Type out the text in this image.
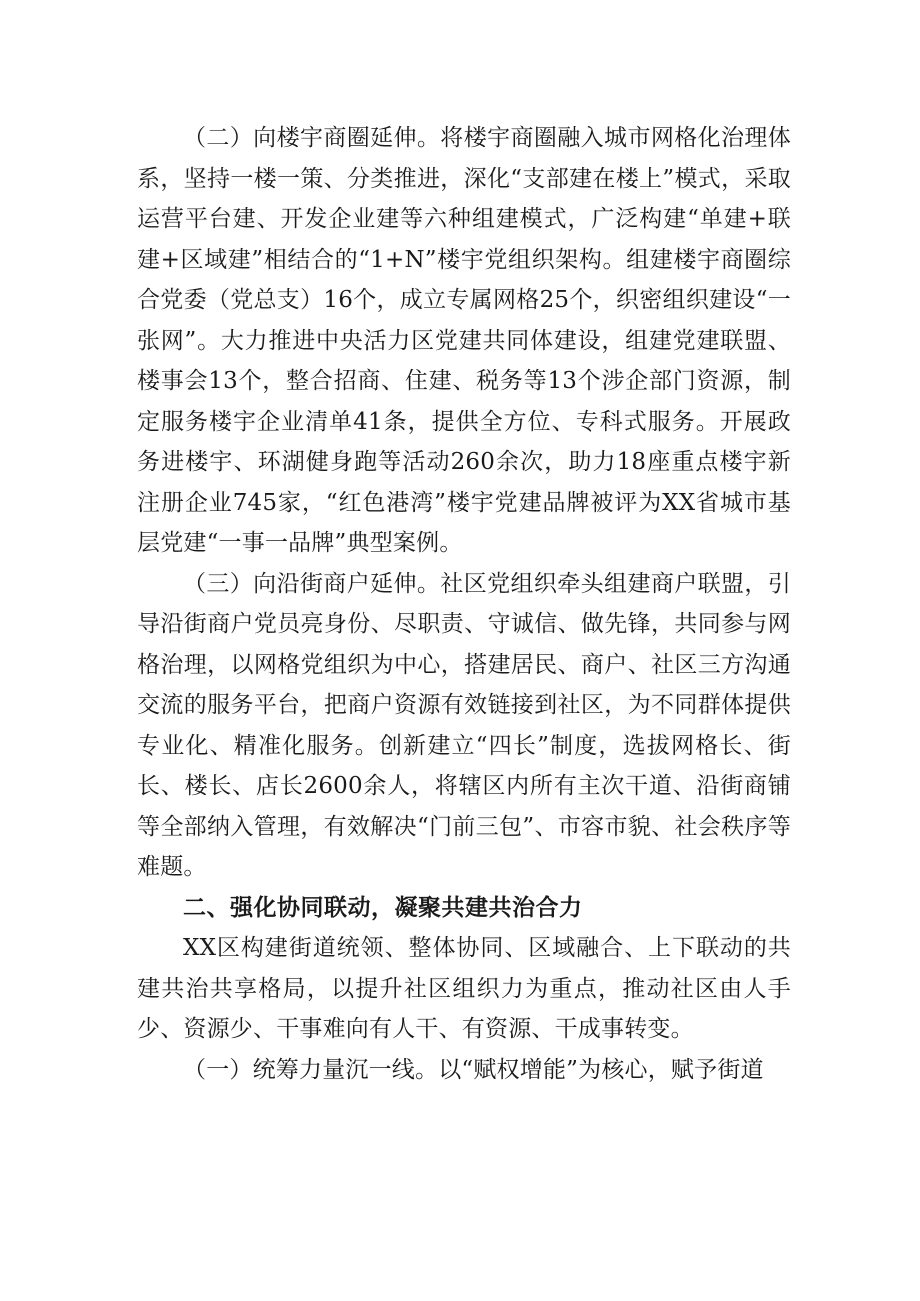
（二）向楼宇商圈延伸。将楼宇商圈融入城市网格化治理体系，坚持一楼一策、分类推进，深化“支部建在楼上”模式，采取运营平台建、开发企业建等六种组建模式，广泛构建“单建+联建+区域建”相结合的“1+N”楼宇党组织架构。组建楼宇商圈综合党委（党总支）16个，成立专属网格25个，织密组织建设“一张网”。大力推进中央活力区党建共同体建设，组建党建联盟、楼事会13个，整合招商、住建、税务等13个涉企部门资源，制定服务楼宇企业清单41条，提供全方位、专科式服务。开展政务进楼宇、环湖健身跑等活动260余次，助力18座重点楼宇新注册企业745家，“红色港湾”楼宇党建品牌被评为XX省城市基层党建“一事一品牌”典型案例。

（三）向沿街商户延伸。社区党组织牵头组建商户联盟，引导沿街商户党员亮身份、尽职责、守诚信、做先锋，共同参与网格治理，以网格党组织为中心，搭建居民、商户、社区三方沟通交流的服务平台，把商户资源有效链接到社区，为不同群体提供专业化、精准化服务。创新建立“四长”制度，选拔网格长、街长、楼长、店长2600余人，将辖区内所有主次干道、沿街商铺等全部纳入管理，有效解决“门前三包”、市容市貌、社会秩序等难题。

二、强化协同联动，凝聚共建共治合力

XX区构建街道统领、整体协同、区域融合、上下联动的共建共治共享格局，以提升社区组织力为重点，推动社区由人手少、资源少、干事难向有人干、有资源、干成事转变。

（一）统筹力量沉一线。以“赋权增能”为核心，赋予街道
